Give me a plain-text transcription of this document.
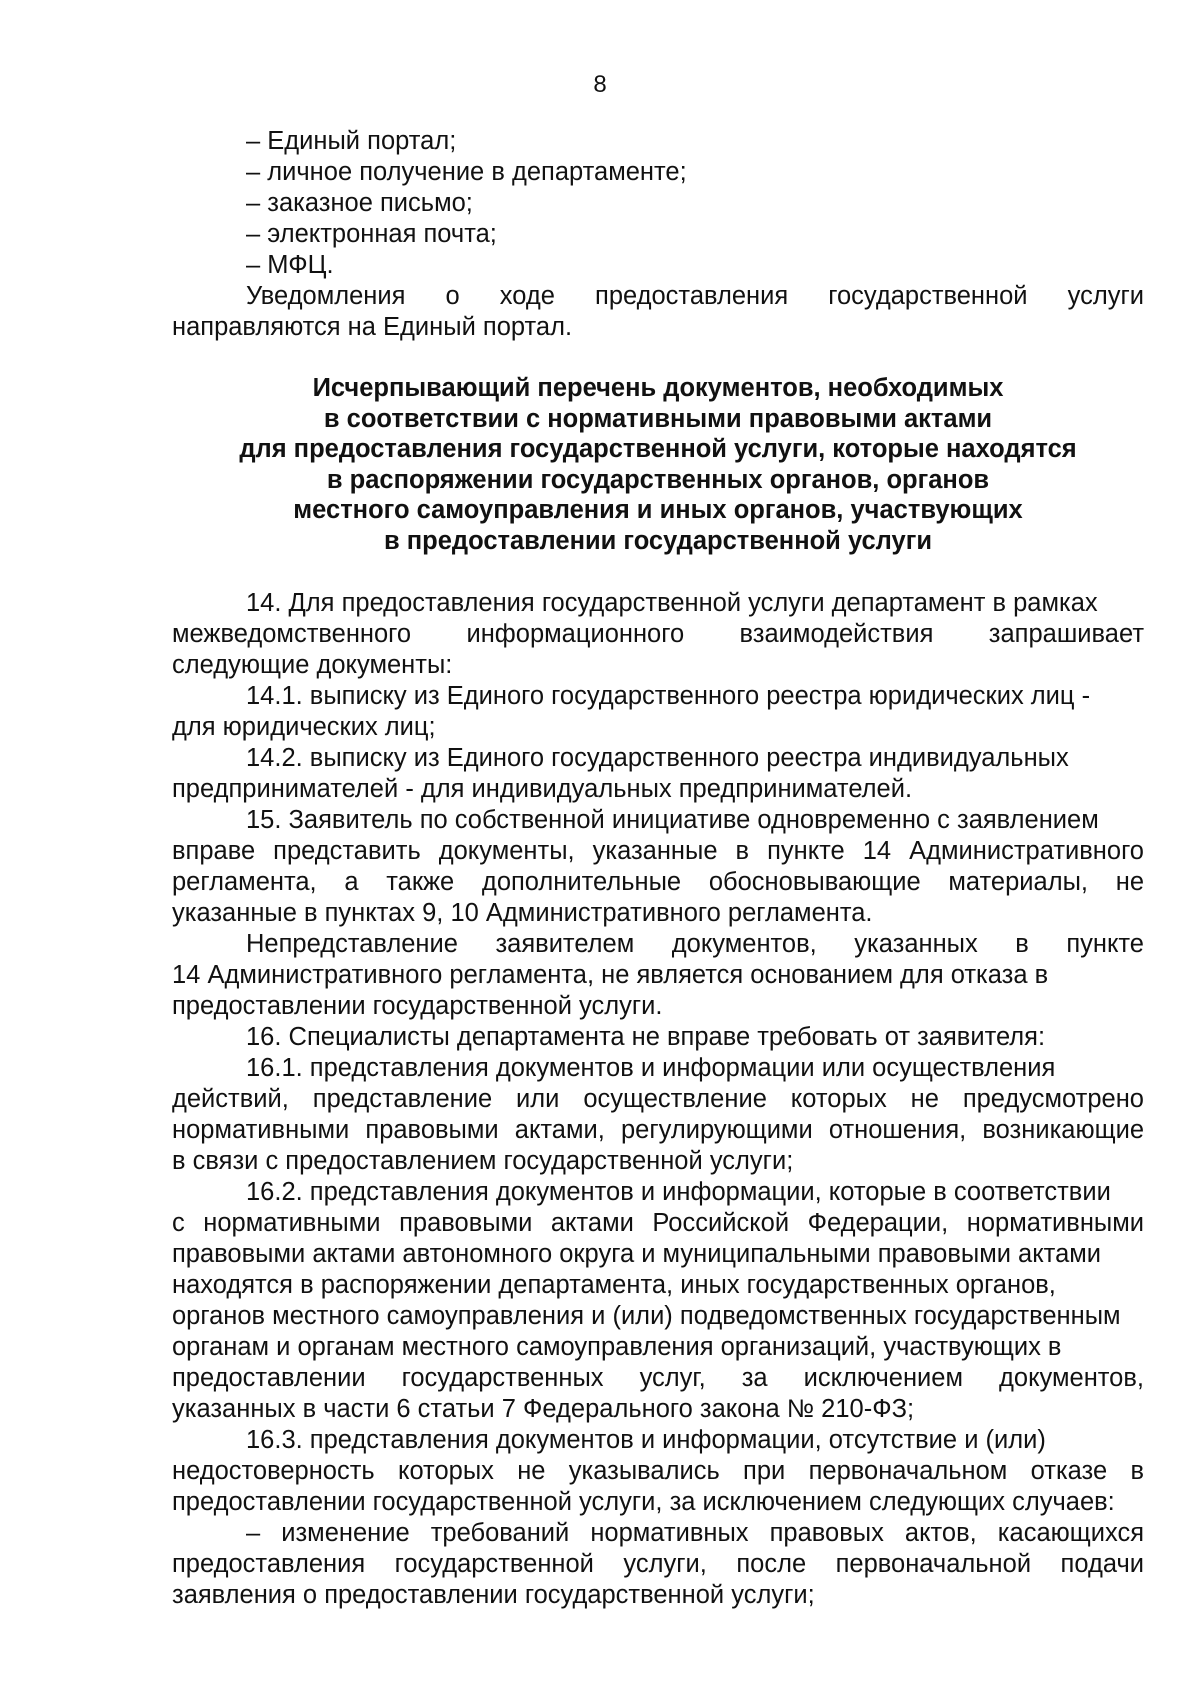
8
– Единый портал;
– личное получение в департаменте;
– заказное письмо;
– электронная почта;
– МФЦ.
Уведомления о ходе предоставления государственной услуги
направляются на Единый портал.
Исчерпывающий перечень документов, необходимых
в соответствии с нормативными правовыми актами
для предоставления государственной услуги, которые находятся
в распоряжении государственных органов, органов
местного самоуправления и иных органов, участвующих
в предоставлении государственной услуги
14. Для предоставления государственной услуги департамент в рамках
межведомственного информационного взаимодействия запрашивает
следующие документы:
14.1. выписку из Единого государственного реестра юридических лиц -
для юридических лиц;
14.2. выписку из Единого государственного реестра индивидуальных
предпринимателей - для индивидуальных предпринимателей.
15. Заявитель по собственной инициативе одновременно с заявлением
вправе представить документы, указанные в пункте 14 Административного
регламента, а также дополнительные обосновывающие материалы, не
указанные в пунктах 9, 10 Административного регламента.
Непредставление заявителем документов, указанных в пункте
14 Административного регламента, не является основанием для отказа в
предоставлении государственной услуги.
16. Специалисты департамента не вправе требовать от заявителя:
16.1. представления документов и информации или осуществления
действий, представление или осуществление которых не предусмотрено
нормативными правовыми актами, регулирующими отношения, возникающие
в связи с предоставлением государственной услуги;
16.2. представления документов и информации, которые в соответствии
с нормативными правовыми актами Российской Федерации, нормативными
правовыми актами автономного округа и муниципальными правовыми актами
находятся в распоряжении департамента, иных государственных органов,
органов местного самоуправления и (или) подведомственных государственным
органам и органам местного самоуправления организаций, участвующих в
предоставлении государственных услуг, за исключением документов,
указанных в части 6 статьи 7 Федерального закона № 210-ФЗ;
16.3. представления документов и информации, отсутствие и (или)
недостоверность которых не указывались при первоначальном отказе в
предоставлении государственной услуги, за исключением следующих случаев:
– изменение требований нормативных правовых актов, касающихся
предоставления государственной услуги, после первоначальной подачи
заявления о предоставлении государственной услуги;
